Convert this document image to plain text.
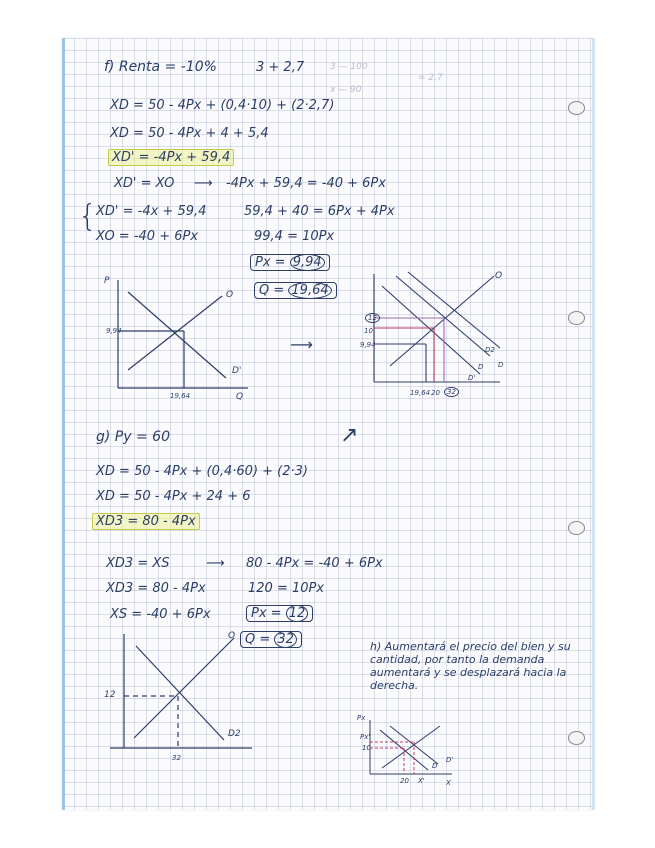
f) Renta = -10%	3 + 2,7	3 — 100
x — 90
= 2,7
XD = 50 - 4Px + (0,4·10) + (2·2,7)
XD = 50 - 4Px + 4 + 5,4
XD' = -4Px + 59,4
XD' = XO ⟶ -4Px + 59,4 = -40 + 6Px
{
XD' = -4x + 59,4
XO = -40 + 6Px
59,4 + 40 = 6Px + 4Px
99,4 = 10Px
Px = 9,94
Q = 19,64
P
Q
O
D'
9,94
19,64
⟶
↗
O
12
10
9,94
D2
D
D
D'
19,64 20	32
g) Py = 60
XD = 50 - 4Px + (0,4·60) + (2·3)
XD = 50 - 4Px + 24 + 6
XD3 = 80 - 4Px
XD3 = XS	⟶ 80 - 4Px = -40 + 6Px
XD3 = 80 - 4Px
XS = -40 + 6Px
120 = 10Px
Px = 12
Q = 32
O
D2
12
32
h) Aumentará el precio del bien y su cantidad, por tanto la demanda aumentará y se desplazará hacia la derecha.
Px
Px'
10
D
D'
20 X'	X
